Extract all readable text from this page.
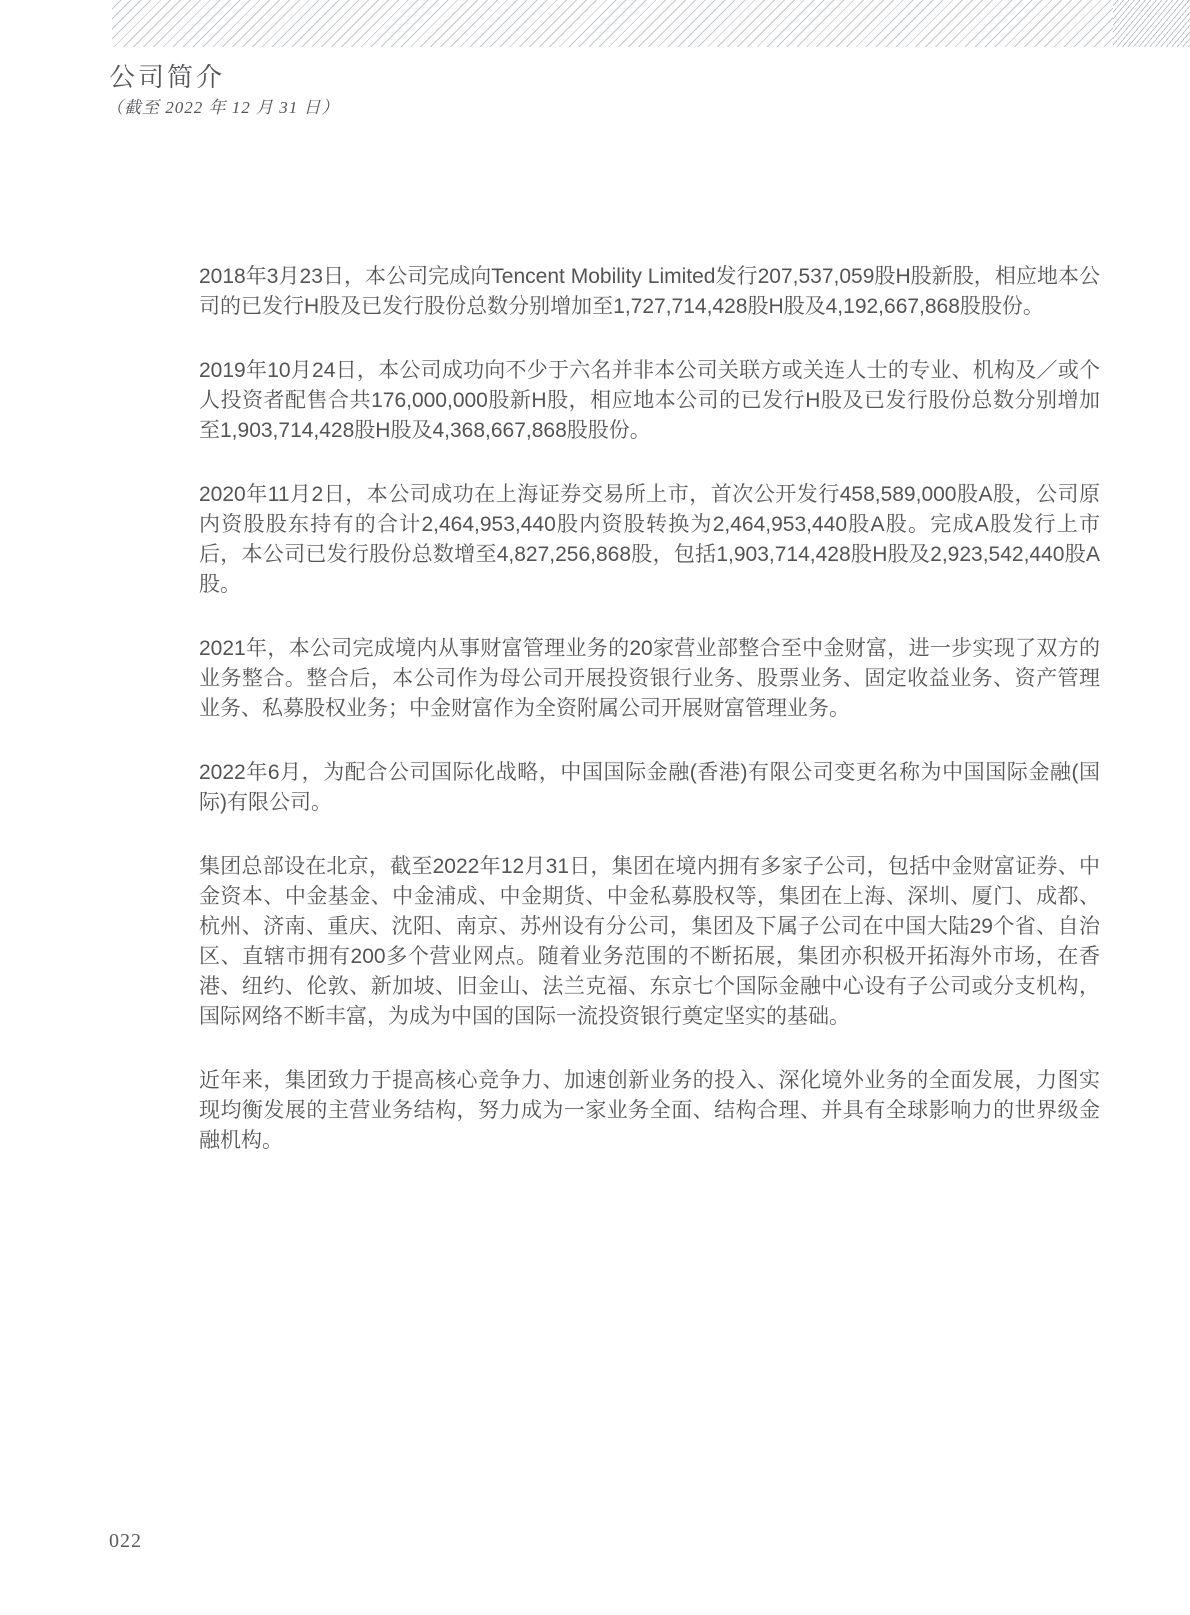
公司简介
（截至 2022 年 12 月 31 日）

2018年3月23日，本公司完成向Tencent Mobility Limited发行207,537,059股H股新股，相应地本公司的已发行H股及已发行股份总数分别增加至1,727,714,428股H股及4,192,667,868股股份。

2019年10月24日，本公司成功向不少于六名并非本公司关联方或关连人士的专业、机构及／或个人投资者配售合共176,000,000股新H股，相应地本公司的已发行H股及已发行股份总数分别增加至1,903,714,428股H股及4,368,667,868股股份。

2020年11月2日，本公司成功在上海证券交易所上市，首次公开发行458,589,000股A股，公司原内资股股东持有的合计2,464,953,440股内资股转换为2,464,953,440股A股。完成A股发行上市后，本公司已发行股份总数增至4,827,256,868股，包括1,903,714,428股H股及2,923,542,440股A股。

2021年，本公司完成境内从事财富管理业务的20家营业部整合至中金财富，进一步实现了双方的业务整合。整合后，本公司作为母公司开展投资银行业务、股票业务、固定收益业务、资产管理业务、私募股权业务；中金财富作为全资附属公司开展财富管理业务。

2022年6月，为配合公司国际化战略，中国国际金融(香港)有限公司变更名称为中国国际金融(国际)有限公司。

集团总部设在北京，截至2022年12月31日，集团在境内拥有多家子公司，包括中金财富证券、中金资本、中金基金、中金浦成、中金期货、中金私募股权等，集团在上海、深圳、厦门、成都、杭州、济南、重庆、沈阳、南京、苏州设有分公司，集团及下属子公司在中国大陆29个省、自治区、直辖市拥有200多个营业网点。随着业务范围的不断拓展，集团亦积极开拓海外市场，在香港、纽约、伦敦、新加坡、旧金山、法兰克福、东京七个国际金融中心设有子公司或分支机构，国际网络不断丰富，为成为中国的国际一流投资银行奠定坚实的基础。

近年来，集团致力于提高核心竞争力、加速创新业务的投入、深化境外业务的全面发展，力图实现均衡发展的主营业务结构，努力成为一家业务全面、结构合理、并具有全球影响力的世界级金融机构。

022
